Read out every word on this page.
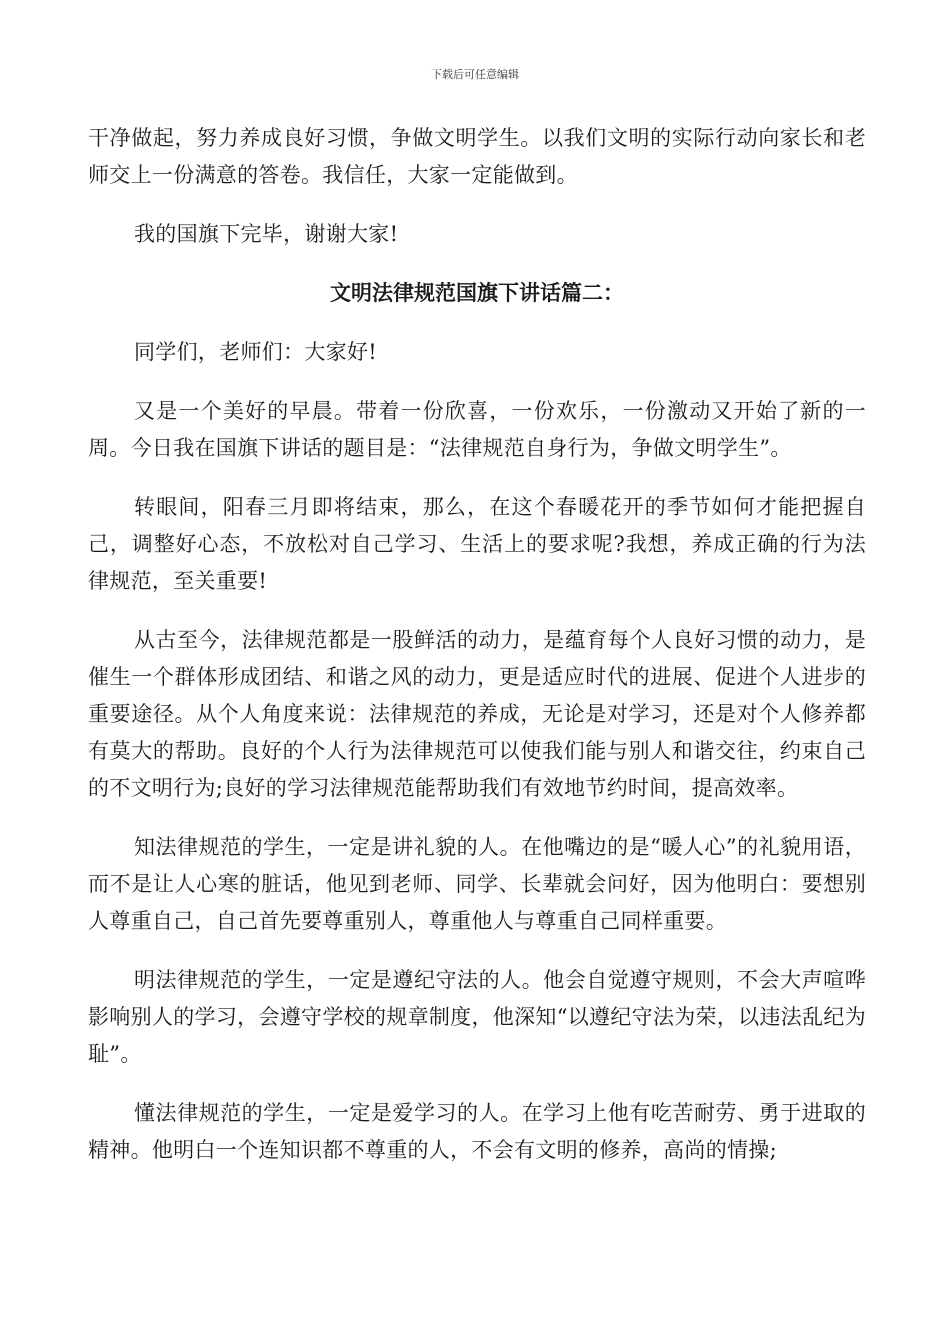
下载后可任意编辑

干净做起，努力养成良好习惯，争做文明学生。以我们文明的实际行动向家长和老师交上一份满意的答卷。我信任，大家一定能做到。

我的国旗下完毕，谢谢大家!

文明法律规范国旗下讲话篇二：

同学们，老师们：大家好!

又是一个美好的早晨。带着一份欣喜，一份欢乐，一份激动又开始了新的一周。今日我在国旗下讲话的题目是：“法律规范自身行为，争做文明学生”。

转眼间，阳春三月即将结束，那么，在这个春暖花开的季节如何才能把握自己，调整好心态，不放松对自己学习、生活上的要求呢?我想，养成正确的行为法律规范，至关重要!

从古至今，法律规范都是一股鲜活的动力，是蕴育每个人良好习惯的动力，是催生一个群体形成团结、和谐之风的动力，更是适应时代的进展、促进个人进步的重要途径。从个人角度来说：法律规范的养成，无论是对学习，还是对个人修养都有莫大的帮助。良好的个人行为法律规范可以使我们能与别人和谐交往，约束自己的不文明行为;良好的学习法律规范能帮助我们有效地节约时间，提高效率。

知法律规范的学生，一定是讲礼貌的人。在他嘴边的是“暖人心”的礼貌用语，而不是让人心寒的脏话，他见到老师、同学、长辈就会问好，因为他明白：要想别人尊重自己，自己首先要尊重别人，尊重他人与尊重自己同样重要。

明法律规范的学生，一定是遵纪守法的人。他会自觉遵守规则，不会大声喧哗影响别人的学习，会遵守学校的规章制度，他深知“以遵纪守法为荣，以违法乱纪为耻”。

懂法律规范的学生，一定是爱学习的人。在学习上他有吃苦耐劳、勇于进取的精神。他明白一个连知识都不尊重的人，不会有文明的修养，高尚的情操;
